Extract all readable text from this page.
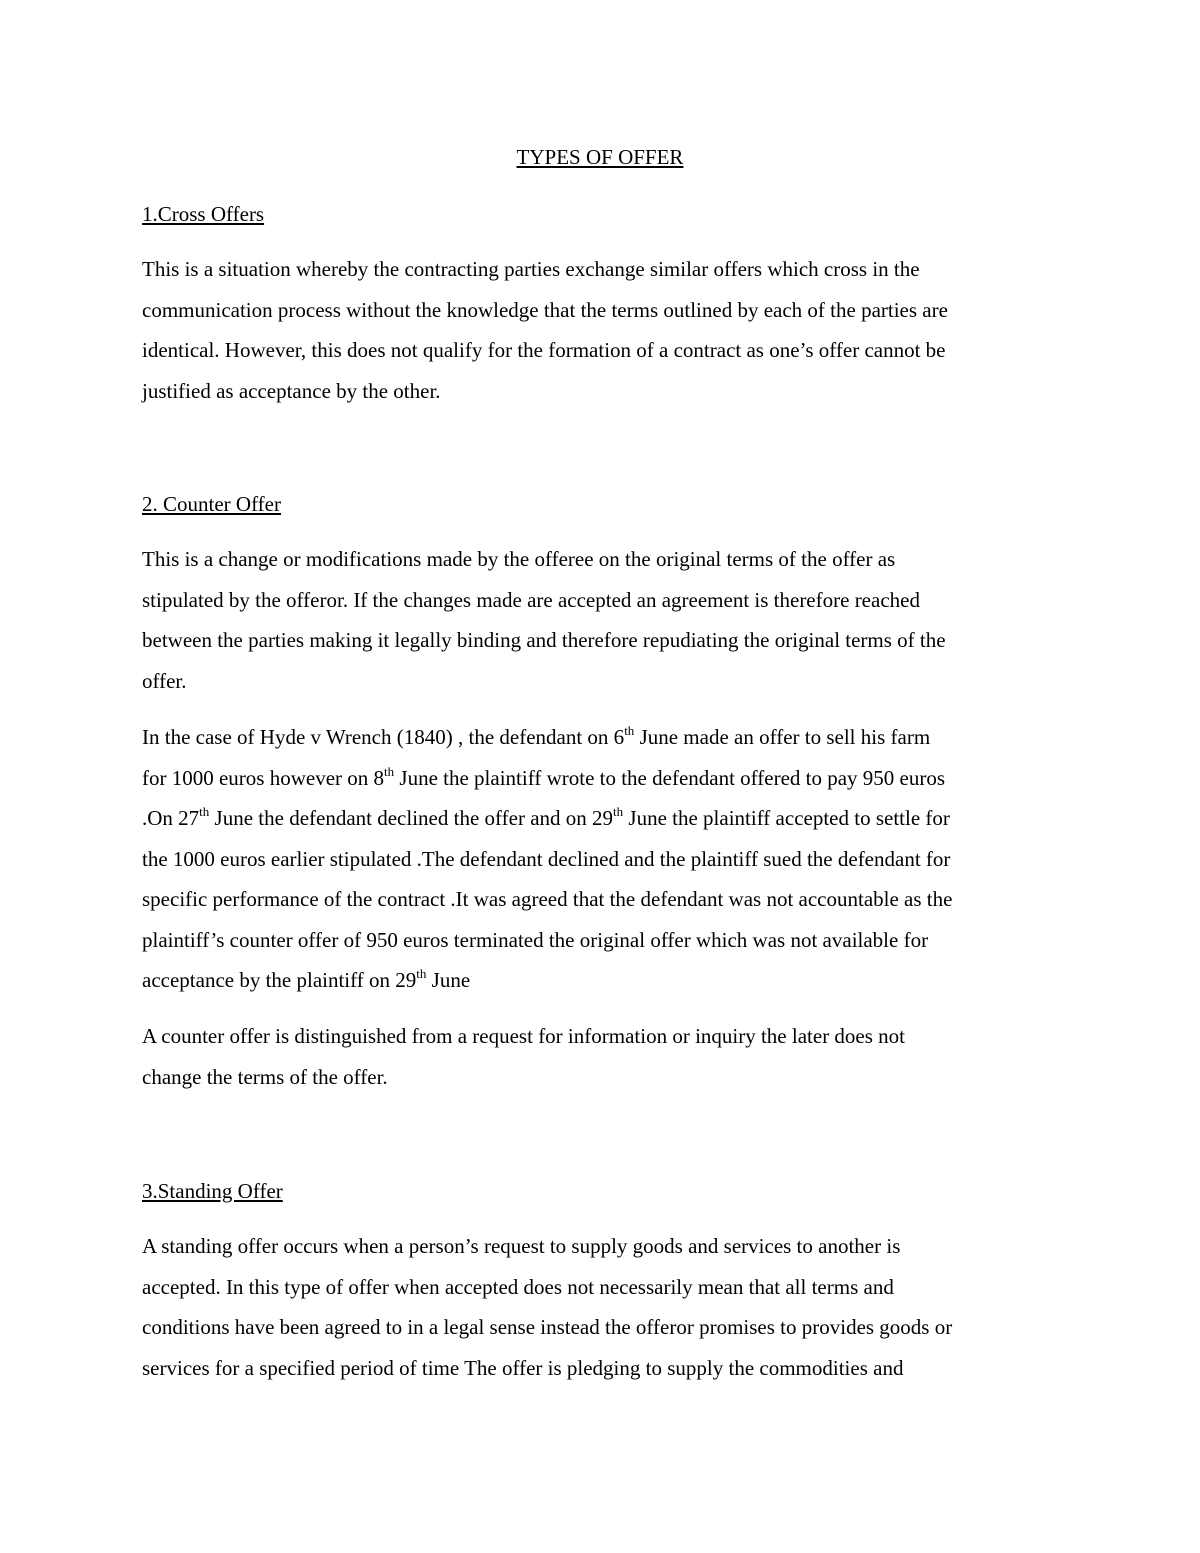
TYPES OF OFFER
1.Cross Offers
This is a situation whereby the contracting parties exchange similar offers which cross in the
communication process without the knowledge that the terms outlined by each of the parties are
identical. However, this does not qualify for the formation of a contract as one’s offer cannot be
justified as acceptance by the other.
2. Counter Offer
This is a change or modifications made by the offeree on the original terms of the offer as
stipulated by the offeror. If the changes made are accepted an agreement is therefore reached
between the parties making it legally binding and therefore repudiating the original terms of the
offer.
In the case of Hyde v Wrench (1840) , the defendant on 6th June made an offer to sell his farm
for 1000 euros however on 8th June the plaintiff wrote to the defendant offered to pay 950 euros
.On 27th June the defendant declined the offer and on 29th June the plaintiff accepted to settle for
the 1000 euros earlier stipulated .The defendant declined and the plaintiff sued the defendant for
specific performance of the contract .It was agreed that the defendant was not accountable as the
plaintiff’s counter offer of 950 euros terminated the original offer which was not available for
acceptance by the plaintiff on 29th June
A counter offer is distinguished from a request for information or inquiry the later does not
change the terms of the offer.
3.Standing Offer
A standing offer occurs when a person’s request to supply goods and services to another is
accepted. In this type of offer when accepted does not necessarily mean that all terms and
conditions have been agreed to in a legal sense instead the offeror promises to provides goods or
services for a specified period of time The offer is pledging to supply the commodities and
